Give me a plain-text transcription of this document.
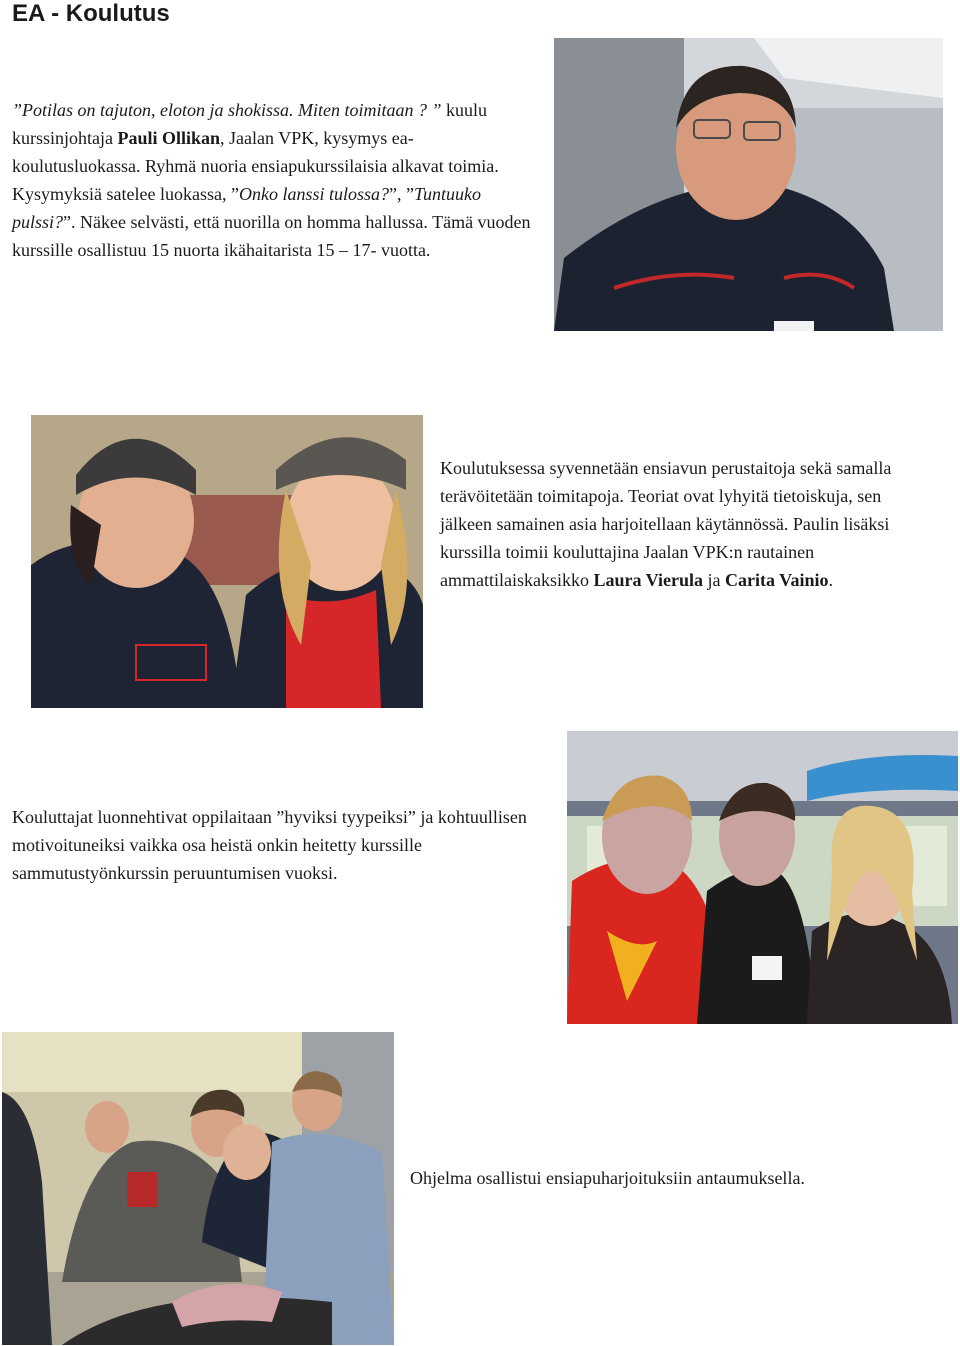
EA - Koulutus

”Potilas on tajuton, eloton ja shokissa. Miten toimitaan ? ” kuulu kurssinjohtaja Pauli Ollikan, Jaalan VPK, kysymys ea-koulutusluokassa. Ryhmä nuoria ensiapukurssilaisia alkavat toimia. Kysymyksiä satelee luokassa, ”Onko lanssi tulossa?”, ”Tuntuuko pulssi?”. Näkee selvästi, että nuorilla on homma hallussa. Tämä vuoden kurssille osallistuu 15 nuorta ikähaitarista 15 – 17- vuotta.

Koulutuksessa syvennetään ensiavun perustaitoja sekä samalla terävöitetään toimitapoja. Teoriat ovat lyhyitä tietoiskuja, sen jälkeen samainen asia harjoitellaan käytännössä. Paulin lisäksi kurssilla toimii kouluttajina Jaalan VPK:n rautainen ammattilaiskaksikko Laura Vierula ja Carita Vainio.

Kouluttajat luonnehtivat oppilaitaan ”hyviksi tyypeiksi” ja kohtuullisen motivoituneiksi vaikka osa heistä onkin heitetty kurssille sammutustyönkurssin peruuntumisen vuoksi.

Ohjelma osallistui ensiapuharjoituksiin antaumuksella.
